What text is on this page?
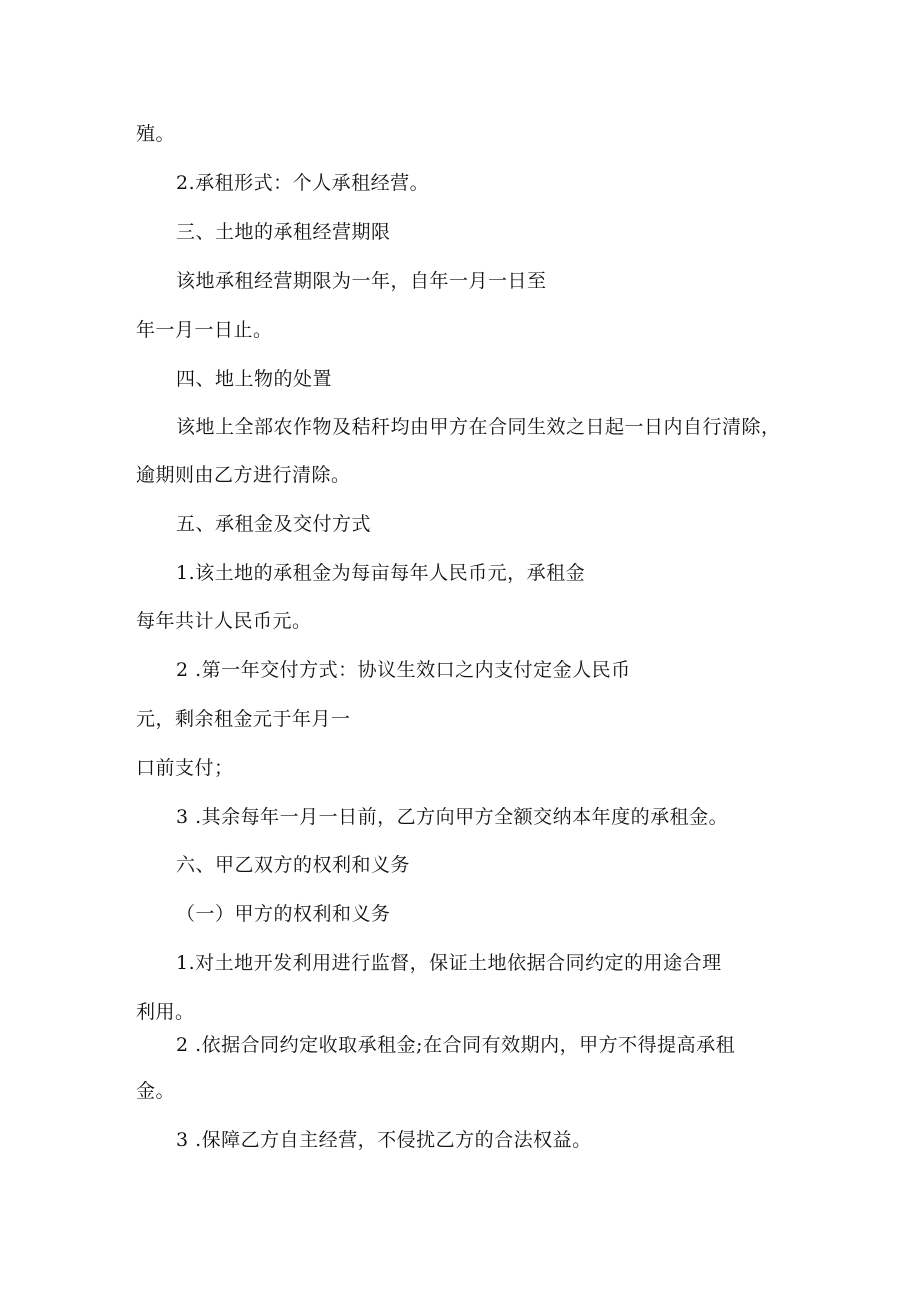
殖。
2.承租形式：个人承租经营。
三、土地的承租经营期限
该地承租经营期限为一年，自年一月一日至
年一月一日止。
四、地上物的处置
该地上全部农作物及秸秆均由甲方在合同生效之日起一日内自行清除，
逾期则由乙方进行清除。
五、承租金及交付方式
1.该土地的承租金为每亩每年人民币元，承租金
每年共计人民币元。
2 .第一年交付方式：协议生效口之内支付定金人民币
元，剩余租金元于年月一
口前支付；
3 .其余每年一月一日前，乙方向甲方全额交纳本年度的承租金。
六、甲乙双方的权利和义务
（一）甲方的权利和义务
1.对土地开发利用进行监督，保证土地依据合同约定的用途合理
利用。
2 .依据合同约定收取承租金;在合同有效期内，甲方不得提高承租
金。
3 .保障乙方自主经营，不侵扰乙方的合法权益。
